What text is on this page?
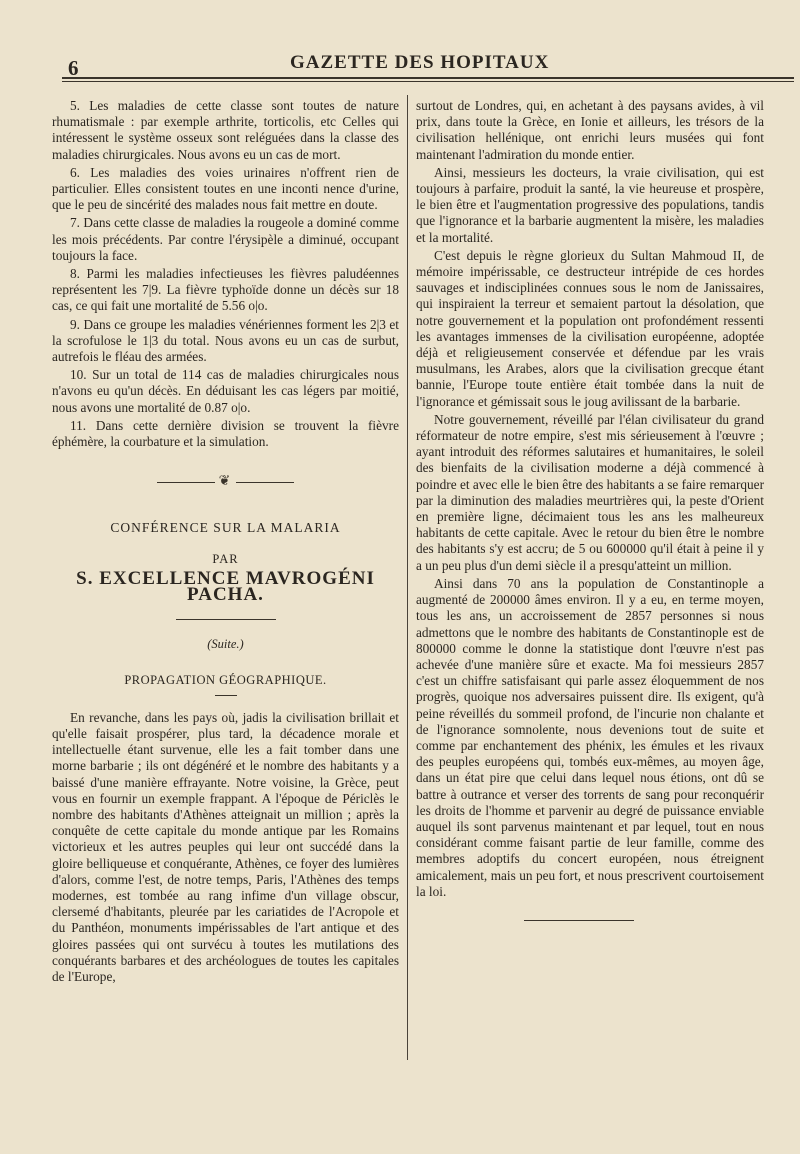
6	GAZETTE DES HOPITAUX

5. Les maladies de cette classe sont toutes de nature rhumatismale : par exemple arthrite, torticolis, etc Celles qui intéressent le système osseux sont reléguées dans la classe des maladies chirurgicales. Nous avons eu un cas de mort.

6. Les maladies des voies urinaires n'offrent rien de particulier. Elles consistent toutes en une inconti nence d'urine, que le peu de sincérité des malades nous fait mettre en doute.

7. Dans cette classe de maladies la rougeole a dominé comme les mois précédents. Par contre l'érysipèle a diminué, occupant toujours la face.

8. Parmi les maladies infectieuses les fièvres paludéennes représentent les 7|9. La fièvre typhoïde donne un décès sur 18 cas, ce qui fait une mortalité de 5.56 o|o.

9. Dans ce groupe les maladies vénériennes forment les 2|3 et la scrofulose le 1|3 du total. Nous avons eu un cas de surbut, autrefois le fléau des armées.

10. Sur un total de 114 cas de maladies chirurgicales nous n'avons eu qu'un décès. En déduisant les cas légers par moitié, nous avons une mortalité de 0.87 o|o.

11. Dans cette dernière division se trouvent la fièvre éphémère, la courbature et la simulation.

❦
CONFÉRENCE SUR LA MALARIA
PAR
S. EXCELLENCE MAVROGÉNI PACHA.
(Suite.)
PROPAGATION GÉOGRAPHIQUE.

En revanche, dans les pays où, jadis la civilisation brillait et qu'elle faisait prospérer, plus tard, la décadence morale et intellectuelle étant survenue, elle les a fait tomber dans une morne barbarie ; ils ont dégénéré et le nombre des habitants y a baissé d'une manière effrayante. Notre voisine, la Grèce, peut vous en fournir un exemple frappant. A l'époque de Périclès le nombre des habitants d'Athènes atteignait un million ; après la conquête de cette capitale du monde antique par les Romains victorieux et les autres peuples qui leur ont succédé dans la gloire belliqueuse et conquérante, Athènes, ce foyer des lumières d'alors, comme l'est, de notre temps, Paris, l'Athènes des temps modernes, est tombée au rang infime d'un village obscur, clersemé d'habitants, pleurée par les cariatides de l'Acropole et du Panthéon, monuments impérissables de l'art antique et des gloires passées qui ont survécu à toutes les mutilations des conquérants barbares et des archéologues de toutes les capitales de l'Europe,

surtout de Londres, qui, en achetant à des paysans avides, à vil prix, dans toute la Grèce, en Ionie et ailleurs, les trésors de la civilisation hellénique, ont enrichi leurs musées qui font maintenant l'admiration du monde entier.

Ainsi, messieurs les docteurs, la vraie civilisation, qui est toujours à parfaire, produit la santé, la vie heureuse et prospère, le bien être et l'augmentation progressive des populations, tandis que l'ignorance et la barbarie augmentent la misère, les maladies et la mortalité.

C'est depuis le règne glorieux du Sultan Mahmoud II, de mémoire impérissable, ce destructeur intrépide de ces hordes sauvages et indisciplinées connues sous le nom de Janissaires, qui inspiraient la terreur et semaient partout la désolation, que notre gouvernement et la population ont profondément ressenti les avantages immenses de la civilisation européenne, adoptée déjà et religieusement conservée et défendue par les vrais musulmans, les Arabes, alors que la civilisation grecque étant bannie, l'Europe toute entière était tombée dans la nuit de l'ignorance et gémissait sous le joug avilissant de la barbarie.

Notre gouvernement, réveillé par l'élan civilisateur du grand réformateur de notre empire, s'est mis sérieusement à l'œuvre ; ayant introduit des réformes salutaires et humanitaires, le soleil des bienfaits de la civilisation moderne a déjà commencé à poindre et avec elle le bien être des habitants a se faire remarquer par la diminution des maladies meurtrières qui, la peste d'Orient en première ligne, décimaient tous les ans les malheureux habitants de cette capitale. Avec le retour du bien être le nombre des habitants s'y est accru; de 5 ou 600000 qu'il était à peine il y a un peu plus d'un demi siècle il a presqu'atteint un million.

Ainsi dans 70 ans la population de Constantinople a augmenté de 200000 âmes environ. Il y a eu, en terme moyen, tous les ans, un accroissement de 2857 personnes si nous admettons que le nombre des habitants de Constantinople est de 800000 comme le donne la statistique dont l'œuvre n'est pas achevée d'une manière sûre et exacte. Ma foi messieurs 2857 c'est un chiffre satisfaisant qui parle assez éloquemment de nos progrès, quoique nos adversaires puissent dire. Ils exigent, qu'à peine réveillés du sommeil profond, de l'incurie non chalante et de l'ignorance somnolente, nous devenions tout de suite et comme par enchantement des phénix, les émules et les rivaux des peuples européens qui, tombés eux-mêmes, au moyen âge, dans un état pire que celui dans lequel nous étions, ont dû se battre à outrance et verser des torrents de sang pour reconquérir les droits de l'homme et parvenir au degré de puissance enviable auquel ils sont parvenus maintenant et par lequel, tout en nous considérant comme faisant partie de leur famille, comme des membres adoptifs du concert européen, nous étreignent amicalement, mais un peu fort, et nous prescrivent courtoisement la loi.
